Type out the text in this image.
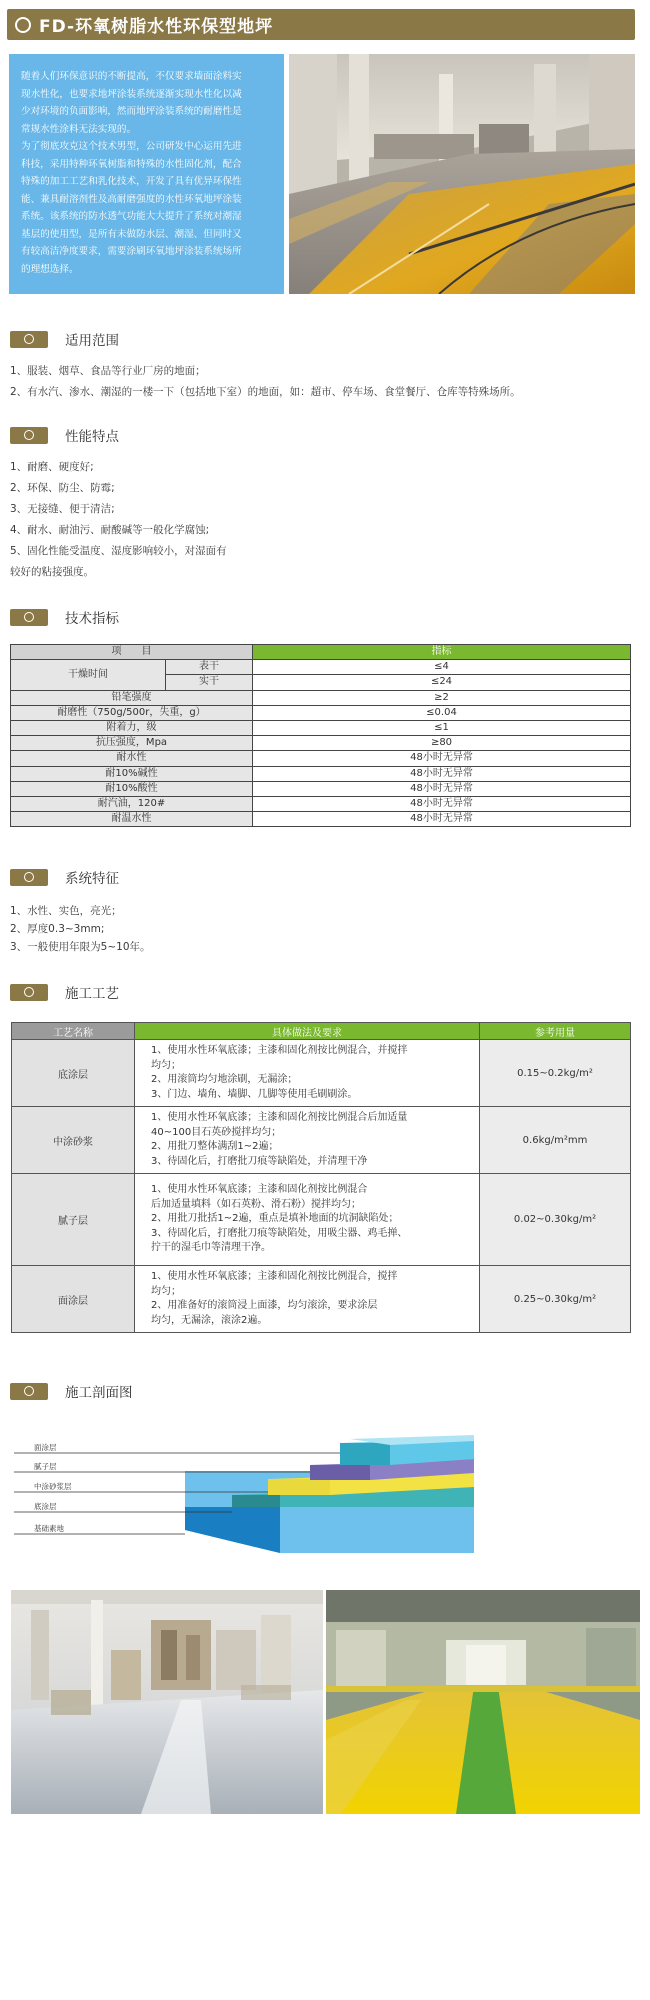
FD-环氧树脂水性环保型地坪

随着人们环保意识的不断提高，不仅要求墙面涂料实
现水性化，也要求地坪涂装系统逐渐实现水性化以减
少对环境的负面影响，然而地坪涂装系统的耐磨性是
常规水性涂料无法实现的。

为了彻底攻克这个技术男型，公司研发中心运用先进
科技，采用特种环氧树脂和特殊的水性固化剂，配合
特殊的加工工艺和乳化技术，开发了具有优异环保性
能、兼具耐溶剂性及高耐磨强度的水性环氧地坪涂装
系统。该系统的防水透气功能大大提升了系统对潮湿
基层的使用型，是所有未做防水层、潮湿、但同时又
有较高洁净度要求，需要涂刷环氧地坪涂装系统场所
的理想选择。

适用范围
1、服装、烟草、食品等行业厂房的地面；
2、有水汽、渗水、潮湿的一楼一下（包括地下室）的地面，如：超市、停车场、食堂餐厅、仓库等特殊场所。
性能特点
1、耐磨、硬度好;
2、环保、防尘、防霉;
3、无接缝、便于清洁;
4、耐水、耐油污、耐酸碱等一般化学腐蚀;
5、固化性能受温度、湿度影响较小，对湿面有
较好的粘接强度。
技术指标
项　　目		指标
干燥时间	表干	≤4
	实干	≤24
铅笔强度		≥2
耐磨性（750g/500r，失重，g）		≤0.04
附着力，级		≤1
抗压强度，Mpa		≥80
耐水性		48小时无异常
耐10%碱性		48小时无异常
耐10%酸性		48小时无异常
耐汽油，120#		48小时无异常
耐温水性		48小时无异常
系统特征
1、水性、实色，亮光；
2、厚度0.3~3mm;
3、一般使用年限为5~10年。
施工工艺
工艺名称	具体做法及要求	参考用量
底涂层	1、使用水性环氧底漆；主漆和固化剂按比例混合，并搅拌
均匀；
2、用滚筒均匀地涂刷，无漏涂；
3、门边、墙角、墙脚、几脚等使用毛刷刷涂。	0.15~0.2kg/m²
中涂砂浆	1、使用水性环氧底漆；主漆和固化剂按比例混合后加适量
40~100目石英砂搅拌均匀；
2、用批刀整体满刮1~2遍；
3、待固化后，打磨批刀痕等缺陷处，并清理干净	0.6kg/m²mm
腻子层	1、使用水性环氧底漆；主漆和固化剂按比例混合
后加适量填料（如石英粉、滑石粉）搅拌均匀；
2、用批刀批括1~2遍，重点是填补地面的坑洞缺陷处；
3、待固化后，打磨批刀痕等缺陷处，用吸尘器、鸡毛掸、
拧干的湿毛巾等清理干净。	0.02~0.30kg/m²
面涂层	1、使用水性环氧底漆；主漆和固化剂按比例混合，搅拌
均匀；
2、用准备好的滚筒浸上面漆，均匀滚涂，要求涂层
均匀，无漏涂，滚涂2遍。	0.25~0.30kg/m²
施工剖面图
面涂层
腻子层
中涂砂浆层
底涂层
基础素地
